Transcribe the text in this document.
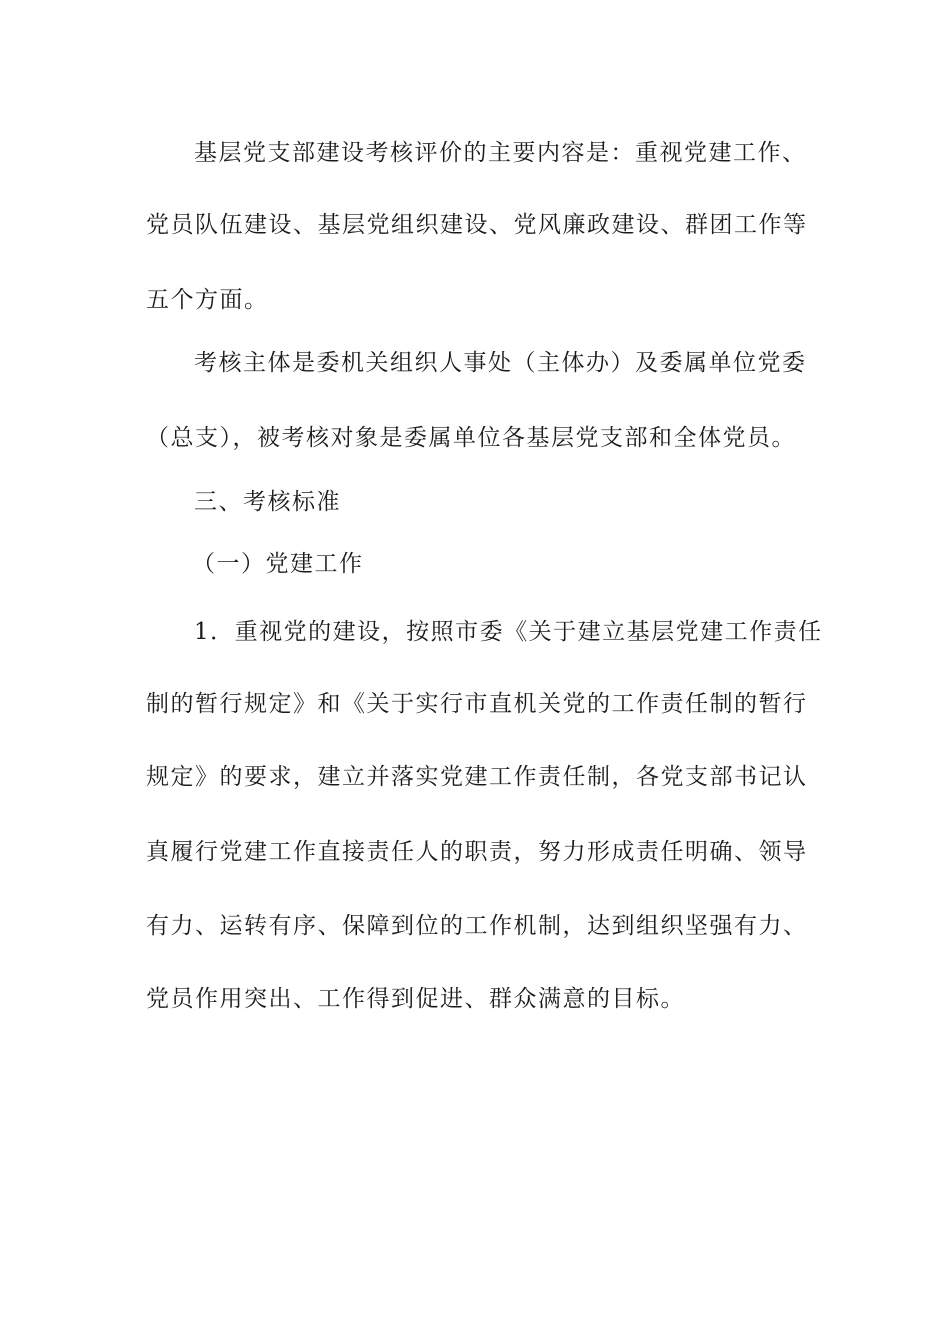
基层党支部建设考核评价的主要内容是：重视党建工作、
党员队伍建设、基层党组织建设、党风廉政建设、群团工作等
五个方面。
考核主体是委机关组织人事处（主体办）及委属单位党委
（总支），被考核对象是委属单位各基层党支部和全体党员。
三、考核标准
（一）党建工作
1．重视党的建设，按照市委《关于建立基层党建工作责任
制的暂行规定》和《关于实行市直机关党的工作责任制的暂行
规定》的要求，建立并落实党建工作责任制，各党支部书记认
真履行党建工作直接责任人的职责，努力形成责任明确、领导
有力、运转有序、保障到位的工作机制，达到组织坚强有力、
党员作用突出、工作得到促进、群众满意的目标。
